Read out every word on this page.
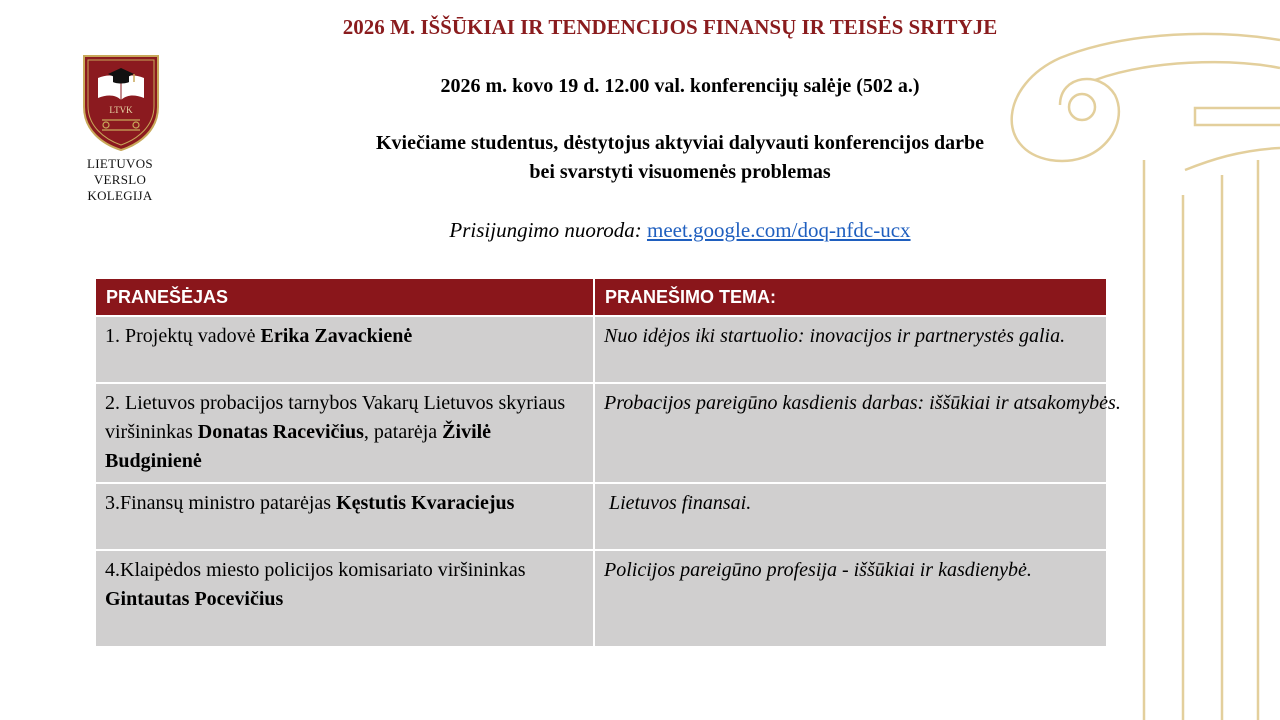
2026 M. IŠŠŪKIAI IR TENDENCIJOS FINANSŲ IR TEISĖS SRITYJE
LTVK
LIETUVOS
VERSLO
KOLEGIJA
2026 m. kovo 19 d. 12.00 val. konferencijų salėje (502 a.)
Kviečiame studentus, dėstytojus aktyviai dalyvauti konferencijos darbe
bei svarstyti visuomenės problemas
Prisijungimo nuoroda: meet.google.com/doq-nfdc-ucx
PRANEŠĖJAS	PRANEŠIMO TEMA:
1. Projektų vadovė Erika Zavackienė	Nuo idėjos iki startuolio: inovacijos ir partnerystės galia.
2. Lietuvos probacijos tarnybos Vakarų Lietuvos skyriaus viršininkas Donatas Racevičius, patarėja Živilė Budginienė	Probacijos pareigūno kasdienis darbas: iššūkiai ir atsakomybės.
3.Finansų ministro patarėjas Kęstutis Kvaraciejus	Lietuvos finansai.
4.Klaipėdos miesto policijos komisariato viršininkas Gintautas Pocevičius	Policijos pareigūno profesija - iššūkiai ir kasdienybė.
